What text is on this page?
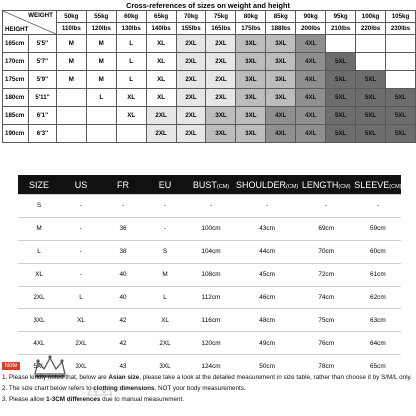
Cross-references of sizes on weight and height
WEIGHT
HEIGHT		50kg	55kg	60kg	65kg	70kg	75kg	80kg	85kg	90kg	95kg	100kg	105kg
		110lbs	120lbs	130lbs	140lbs	155lbs	165lbs	175lbs	188lbs	200lbs	210lbs	220lbs	230lbs
165cm	5'5''	M	M	L	XL	2XL	2XL	3XL	3XL	4XL			
170cm	5'7''	M	M	L	XL	2XL	2XL	3XL	3XL	4XL	5XL		
175cm	5'9''	M	M	L	XL	2XL	2XL	3XL	3XL	4XL	5XL	5XL	
180cm	5'11''		L	XL	XL	2XL	2XL	3XL	3XL	4XL	5XL	5XL	5XL
185cm	6'1''			XL	2XL	2XL	3XL	3XL	4XL	4XL	5XL	5XL	5XL
190cm	6'3''				2XL	2XL	3XL	3XL	4XL	4XL	5XL	5XL	5XL
SIZE	US	FR	EU	BUST(CM)	SHOULDER(CM)	LENGTH(CM)	SLEEVE(CM)
S	-	-	-	-	-	-	-
M	-	36	-	100cm	43cm	69cm	59cm
L	-	38	S	104cm	44cm	70cm	60cm
XL	-	40	M	108cm	45cm	72cm	61cm
2XL	L	40	L	112cm	46cm	74cm	62cm
3XL	XL	42	XL	116cm	48cm	75cm	63cm
4XL	2XL	42	2XL	120cm	49cm	76cm	64cm
5XL	3XL	43	3XL	124cm	50cm	78cm	65cm
Note
1. Please kindly noted that, below are Asian size, please take a look at the detailed measurement in size table, rather than choose it by S/M/L only.
2. The size chart below refers to clothing dimensions, NOT your body measurements.
3. Please allow 1-3CM differences due to manual measurement.
